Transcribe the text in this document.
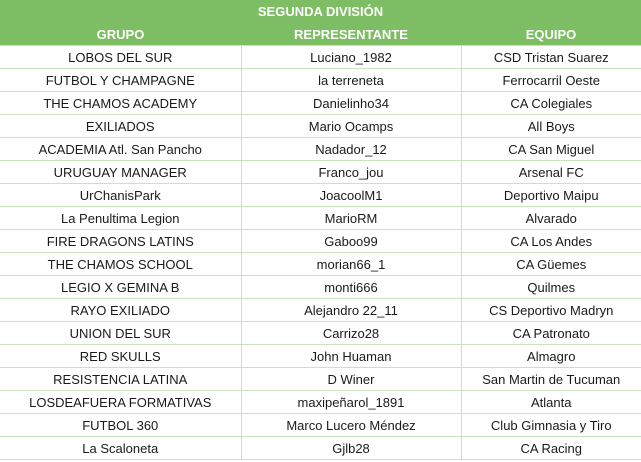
SEGUNDA DIVISIÓN
GRUPO	REPRESENTANTE	EQUIPO
LOBOS DEL SUR	Luciano_1982	CSD Tristan Suarez
FUTBOL Y CHAMPAGNE	la terreneta	Ferrocarril Oeste
THE CHAMOS ACADEMY	Danielinho34	CA Colegiales
EXILIADOS	Mario Ocamps	All Boys
ACADEMIA Atl. San Pancho	Nadador_12	CA San Miguel
URUGUAY MANAGER	Franco_jou	Arsenal FC
UrChanisPark	JoacoolM1	Deportivo Maipu
La Penultima Legion	MarioRM	Alvarado
FIRE DRAGONS LATINS	Gaboo99	CA Los Andes
THE CHAMOS SCHOOL	morian66_1	CA Güemes
LEGIO X GEMINA B	monti666	Quilmes
RAYO EXILIADO	Alejandro 22_11	CS Deportivo Madryn
UNION DEL SUR	Carrizo28	CA Patronato
RED SKULLS	John Huaman	Almagro
RESISTENCIA LATINA	D Winer	San Martin de Tucuman
LOSDEAFUERA FORMATIVAS	maxipeñarol_1891	Atlanta
FUTBOL 360	Marco Lucero Méndez	Club Gimnasia y Tiro
La Scaloneta	Gjlb28	CA Racing
